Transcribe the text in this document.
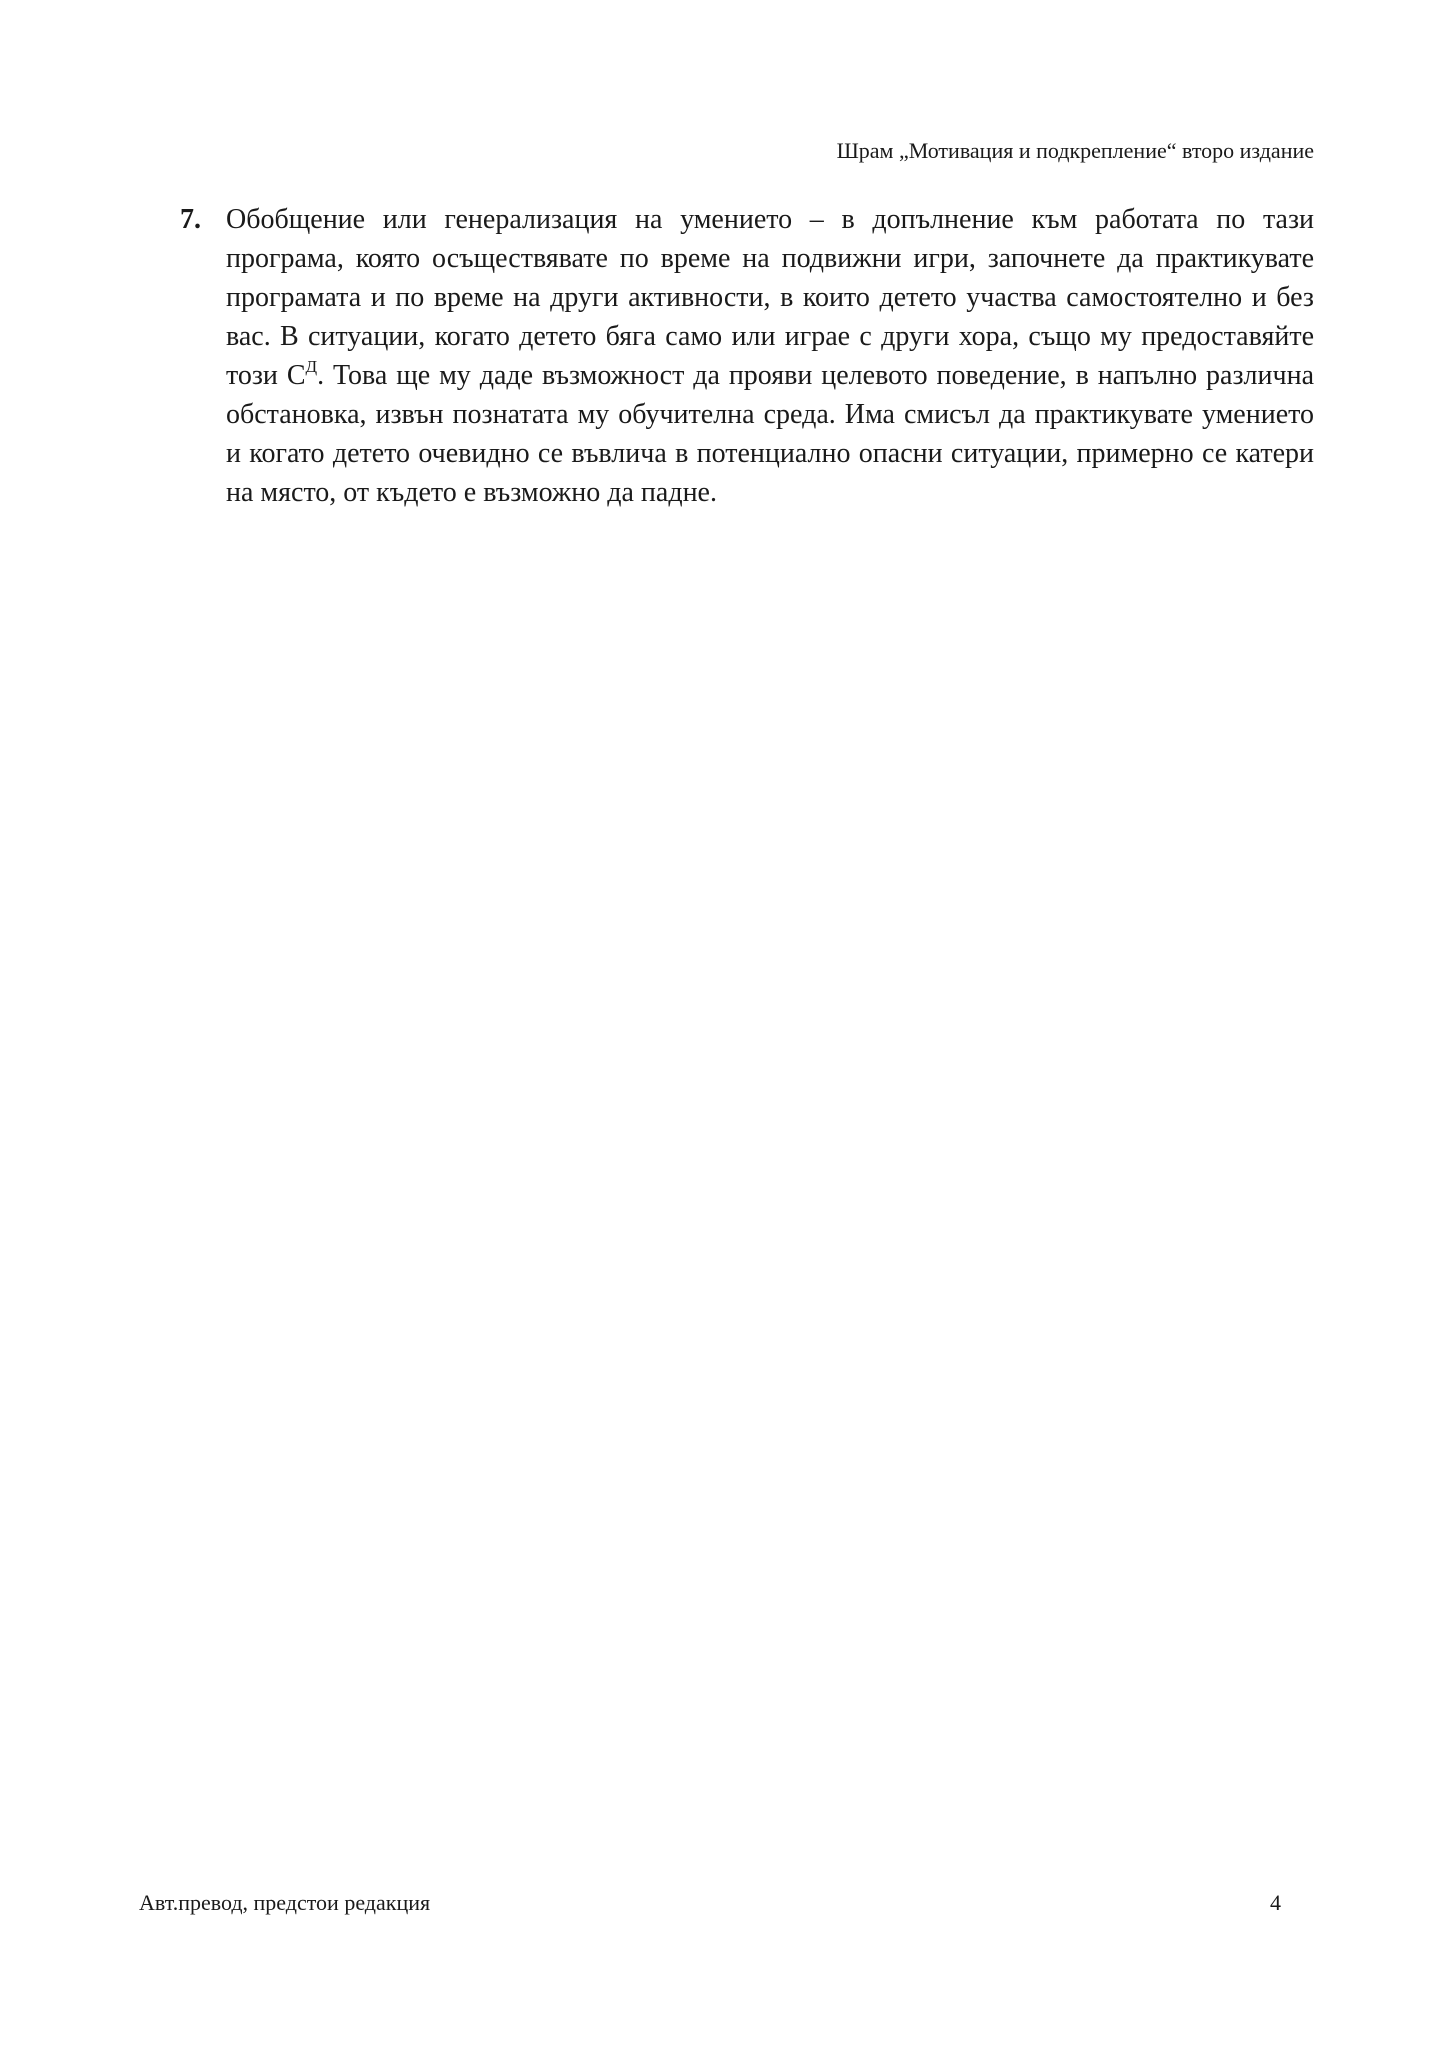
Шрам „Мотивация и подкрепление“ второ издание
7. Обобщение или генерализация на умението – в допълнение към работата по тази програма, която осъществявате по време на подвижни игри, започнете да практикувате програмата и по време на други активности, в които детето участва самостоятелно и без вас. В ситуации, когато детето бяга само или играе с други хора, също му предоставяйте този $С^Д$. Това ще му даде възможност да прояви целевото поведение, в напълно различна обстановка, извън познатата му обучителна среда. Има смисъл да практикувате умението и когато детето очевидно се въвлича в потенциално опасни ситуации, примерно се катери на място, от където е възможно да падне.

Авт.превод, предстои редакция	4
